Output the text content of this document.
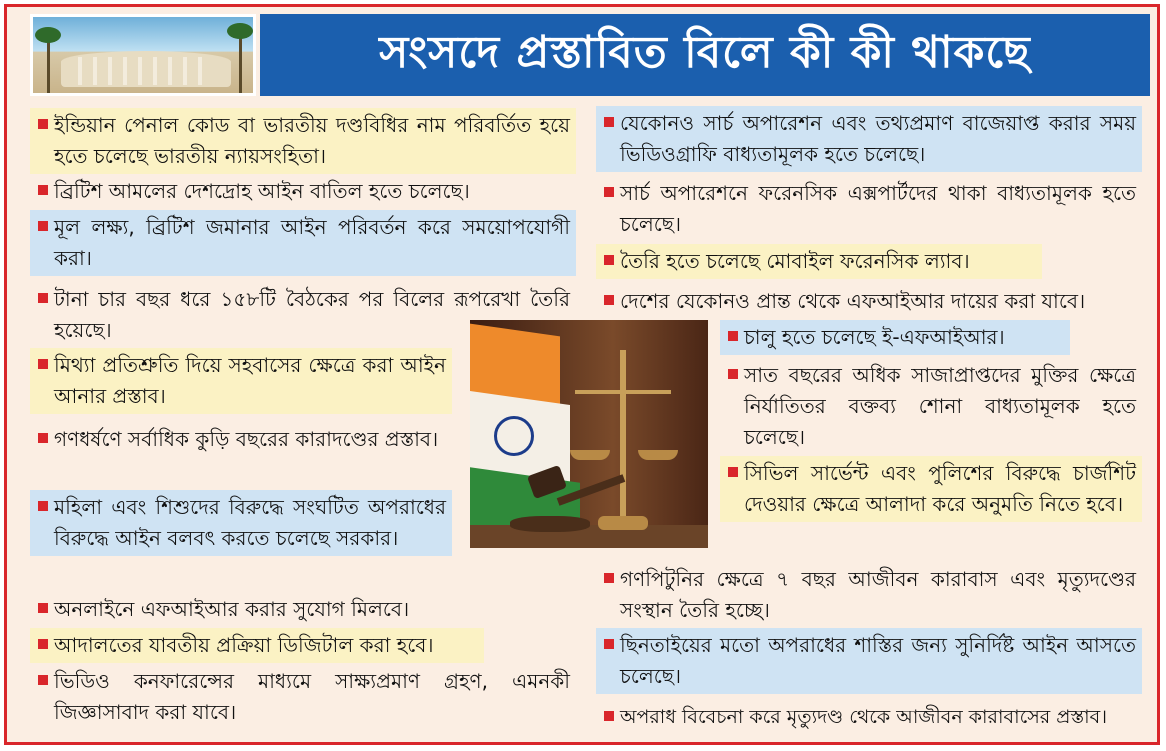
সংসদে প্রস্তাবিত বিলে কী কী থাকছে
ইন্ডিয়ান পেনাল কোড বা ভারতীয় দণ্ডবিধির নাম পরিবর্তিত হয়ে হতে চলেছে ভারতীয় ন্যায়সংহিতা।
ব্রিটিশ আমলের দেশদ্রোহ আইন বাতিল হতে চলেছে।
মূল লক্ষ্য, ব্রিটিশ জমানার আইন পরিবর্তন করে সময়োপযোগী করা।
টানা চার বছর ধরে ১৫৮টি বৈঠকের পর বিলের রূপরেখা তৈরি হয়েছে।
মিথ্যা প্রতিশ্রুতি দিয়ে সহবাসের ক্ষেত্রে করা আইন আনার প্রস্তাব।
গণধর্ষণে সর্বাধিক কুড়ি বছরের কারাদণ্ডের প্রস্তাব।
মহিলা এবং শিশুদের বিরুদ্ধে সংঘটিত অপরাধের বিরুদ্ধে আইন বলবৎ করতে চলেছে সরকার।
অনলাইনে এফআইআর করার সুযোগ মিলবে।
আদালতের যাবতীয় প্রক্রিয়া ডিজিটাল করা হবে।
ভিডিও কনফারেন্সের মাধ্যমে সাক্ষ্যপ্রমাণ গ্রহণ, এমনকী জিজ্ঞাসাবাদ করা যাবে।
যেকোনও সার্চ অপারেশন এবং তথ্যপ্রমাণ বাজেয়াপ্ত করার সময় ভিডিওগ্রাফি বাধ্যতামূলক হতে চলেছে।
সার্চ অপারেশনে ফরেনসিক এক্সপার্টদের থাকা বাধ্যতামূলক হতে চলেছে।
তৈরি হতে চলেছে মোবাইল ফরেনসিক ল্যাব।
দেশের যেকোনও প্রান্ত থেকে এফআইআর দায়ের করা যাবে।
চালু হতে চলেছে ই-এফআইআর।
সাত বছরের অধিক সাজাপ্রাপ্তদের মুক্তির ক্ষেত্রে নির্যাতিতর বক্তব্য শোনা বাধ্যতামূলক হতে চলেছে।
সিভিল সার্ভেন্ট এবং পুলিশের বিরুদ্ধে চার্জশিট দেওয়ার ক্ষেত্রে আলাদা করে অনুমতি নিতে হবে।
গণপিটুনির ক্ষেত্রে ৭ বছর আজীবন কারাবাস এবং মৃত্যুদণ্ডের সংস্থান তৈরি হচ্ছে।
ছিনতাইয়ের মতো অপরাধের শাস্তির জন্য সুনির্দিষ্ট আইন আসতে চলেছে।
অপরাধ বিবেচনা করে মৃত্যুদণ্ড থেকে আজীবন কারাবাসের প্রস্তাব।
